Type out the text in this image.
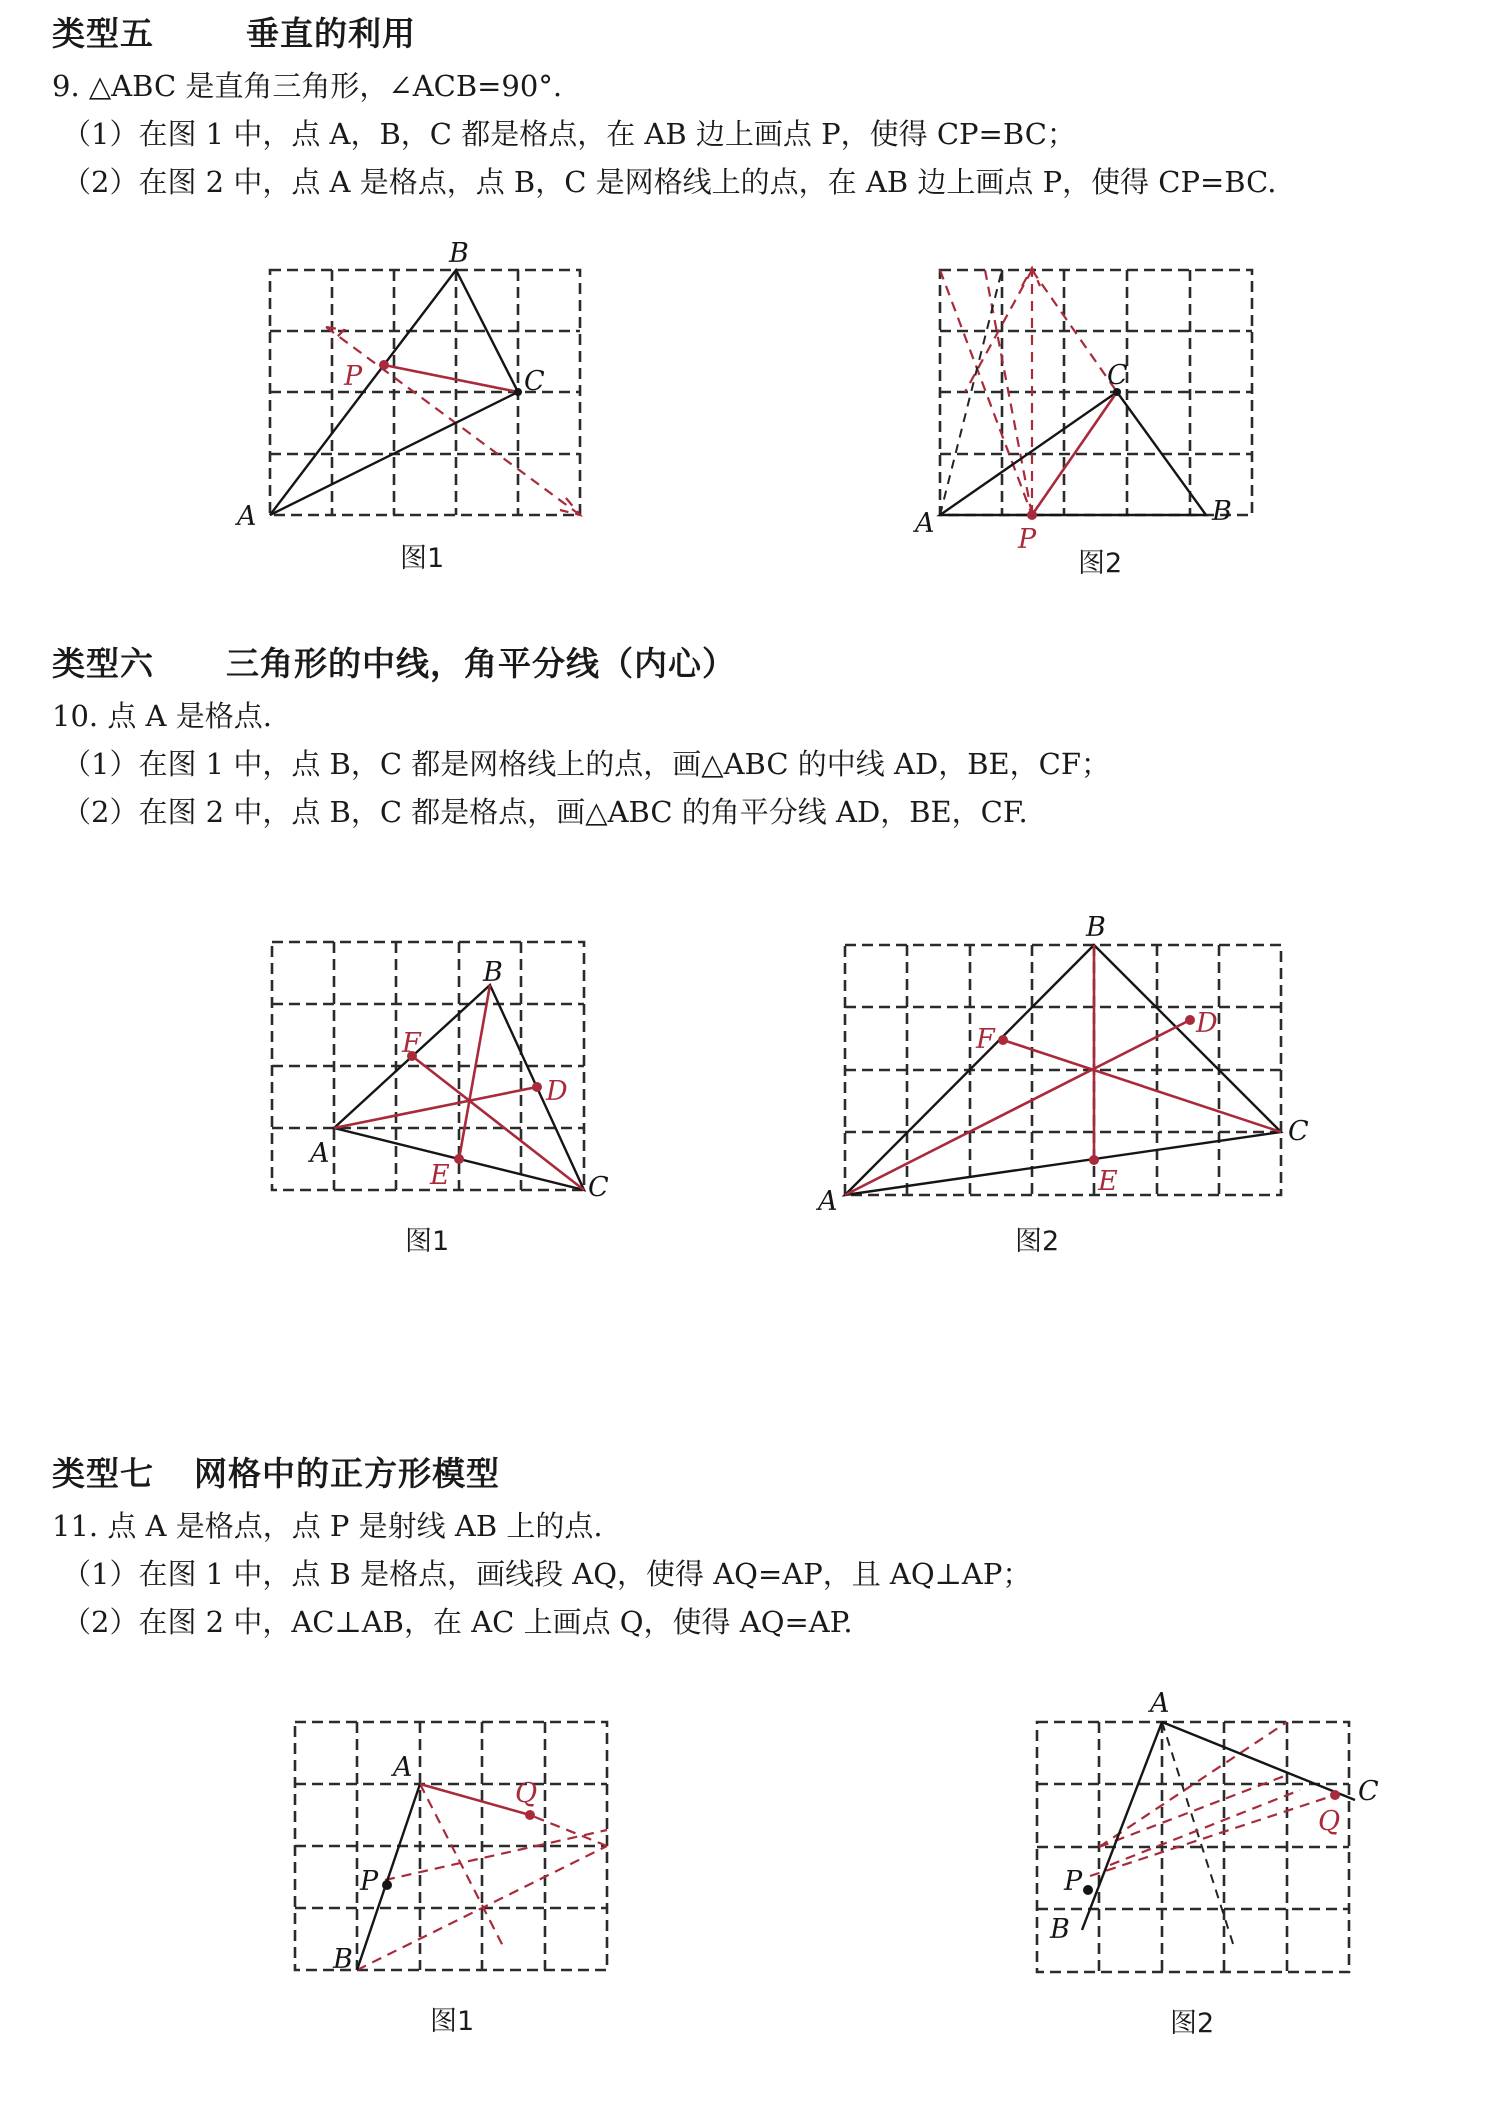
类型五	垂直的利用
9. △ABC 是直角三角形，∠ACB=90°.
（1）在图 1 中，点 A，B，C 都是格点，在 AB 边上画点 P，使得 CP=BC；
（2）在图 2 中，点 A 是格点，点 B，C 是网格线上的点，在 AB 边上画点 P，使得 CP=BC.
A
B
C
P
图1
A	B
C
P
图2
类型六 三角形的中线，角平分线（内心）
10. 点 A 是格点.
（1）在图 1 中，点 B，C 都是网格线上的点，画△ABC 的中线 AD，BE，CF；
（2）在图 2 中，点 B，C 都是格点，画△ABC 的角平分线 AD，BE，CF.
A
B
C
D
E
F
图1
A
B
C
D
E
F
图2
类型七 网格中的正方形模型
11. 点 A 是格点，点 P 是射线 AB 上的点.
（1）在图 1 中，点 B 是格点，画线段 AQ，使得 AQ=AP，且 AQ⊥AP；
（2）在图 2 中，AC⊥AB，在 AC 上画点 Q，使得 AQ=AP.
A
B
P
Q
图1
A
B
C
P
Q
图2
